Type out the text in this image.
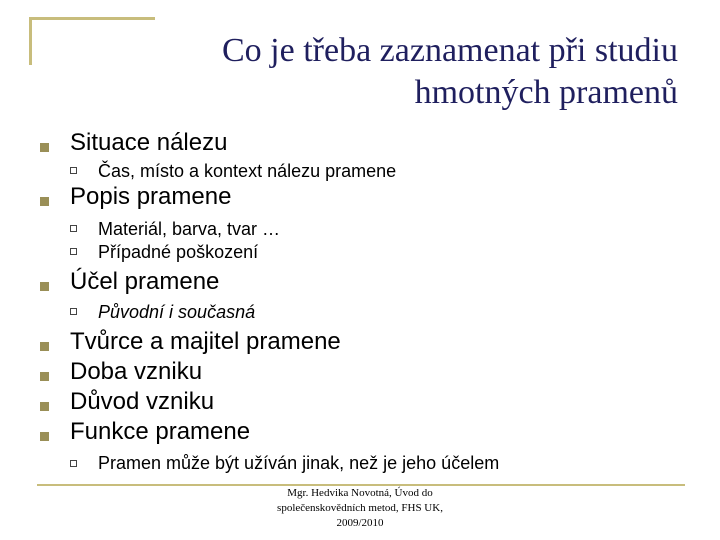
Co je třeba zaznamenat při studiu
hmotných pramenů
Situace nálezu
Čas, místo a kontext nálezu pramene
Popis pramene
Materiál, barva, tvar …
Případné poškození
Účel pramene
Původní i současná
Tvůrce a majitel pramene
Doba vzniku
Důvod vzniku
Funkce pramene
Pramen může být užíván jinak, než je jeho účelem
Mgr. Hedvika Novotná, Úvod do
společenskovědních metod, FHS UK,
2009/2010
